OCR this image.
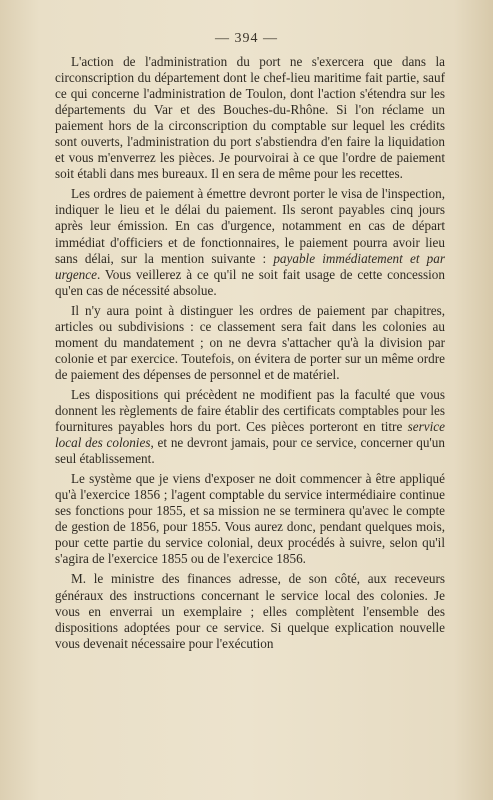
— 394 —

L'action de l'administration du port ne s'exercera que dans la circonscription du département dont le chef-lieu maritime fait partie, sauf ce qui concerne l'administration de Toulon, dont l'action s'étendra sur les départements du Var et des Bouches-du-Rhône. Si l'on réclame un paiement hors de la circonscription du comptable sur lequel les crédits sont ouverts, l'administration du port s'abstiendra d'en faire la liquidation et vous m'enverrez les pièces. Je pourvoirai à ce que l'ordre de paiement soit établi dans mes bureaux. Il en sera de même pour les recettes.

Les ordres de paiement à émettre devront porter le visa de l'inspection, indiquer le lieu et le délai du paiement. Ils seront payables cinq jours après leur émission. En cas d'urgence, notamment en cas de départ immédiat d'officiers et de fonctionnaires, le paiement pourra avoir lieu sans délai, sur la mention suivante : payable immédiatement et par urgence. Vous veillerez à ce qu'il ne soit fait usage de cette concession qu'en cas de nécessité absolue.

Il n'y aura point à distinguer les ordres de paiement par chapitres, articles ou subdivisions : ce classement sera fait dans les colonies au moment du mandatement ; on ne devra s'attacher qu'à la division par colonie et par exercice. Toutefois, on évitera de porter sur un même ordre de paiement des dépenses de personnel et de matériel.

Les dispositions qui précèdent ne modifient pas la faculté que vous donnent les règlements de faire établir des certificats comptables pour les fournitures payables hors du port. Ces pièces porteront en titre service local des colonies, et ne devront jamais, pour ce service, concerner qu'un seul établissement.

Le système que je viens d'exposer ne doit commencer à être appliqué qu'à l'exercice 1856 ; l'agent comptable du service intermédiaire continue ses fonctions pour 1855, et sa mission ne se terminera qu'avec le compte de gestion de 1856, pour 1855. Vous aurez donc, pendant quelques mois, pour cette partie du service colonial, deux procédés à suivre, selon qu'il s'agira de l'exercice 1855 ou de l'exercice 1856.

M. le ministre des finances adresse, de son côté, aux receveurs généraux des instructions concernant le service local des colonies. Je vous en enverrai un exemplaire ; elles complètent l'ensemble des dispositions adoptées pour ce service. Si quelque explication nouvelle vous devenait nécessaire pour l'exécution
